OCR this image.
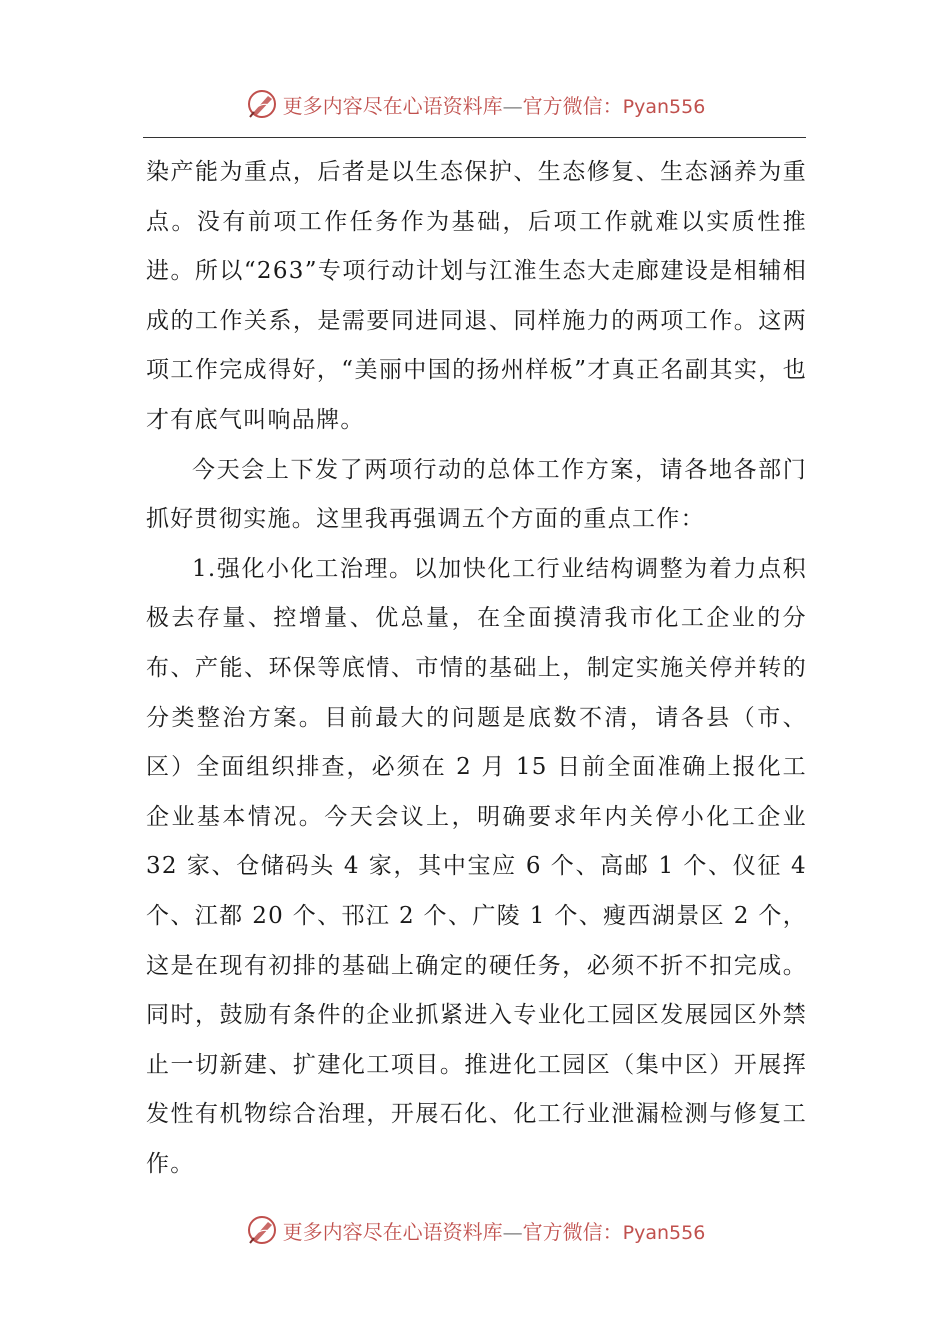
更多内容尽在心语资料库—官方微信：Pyan556

染产能为重点，后者是以生态保护、生态修复、生态涵养为重点。没有前项工作任务作为基础，后项工作就难以实质性推进。所以“263”专项行动计划与江淮生态大走廊建设是相辅相成的工作关系，是需要同进同退、同样施力的两项工作。这两项工作完成得好，“美丽中国的扬州样板”才真正名副其实，也才有底气叫响品牌。

今天会上下发了两项行动的总体工作方案，请各地各部门抓好贯彻实施。这里我再强调五个方面的重点工作：

1.强化小化工治理。以加快化工行业结构调整为着力点积极去存量、控增量、优总量，在全面摸清我市化工企业的分布、产能、环保等底情、市情的基础上，制定实施关停并转的分类整治方案。目前最大的问题是底数不清，请各县（市、区）全面组织排查，必须在 2 月 15 日前全面准确上报化工企业基本情况。今天会议上，明确要求年内关停小化工企业 32 家、仓储码头 4 家，其中宝应 6 个、高邮 1 个、仪征 4 个、江都 20 个、邗江 2 个、广陵 1 个、瘦西湖景区 2 个，这是在现有初排的基础上确定的硬任务，必须不折不扣完成。同时，鼓励有条件的企业抓紧进入专业化工园区发展园区外禁止一切新建、扩建化工项目。推进化工园区（集中区）开展挥发性有机物综合治理，开展石化、化工行业泄漏检测与修复工作。

更多内容尽在心语资料库—官方微信：Pyan556
